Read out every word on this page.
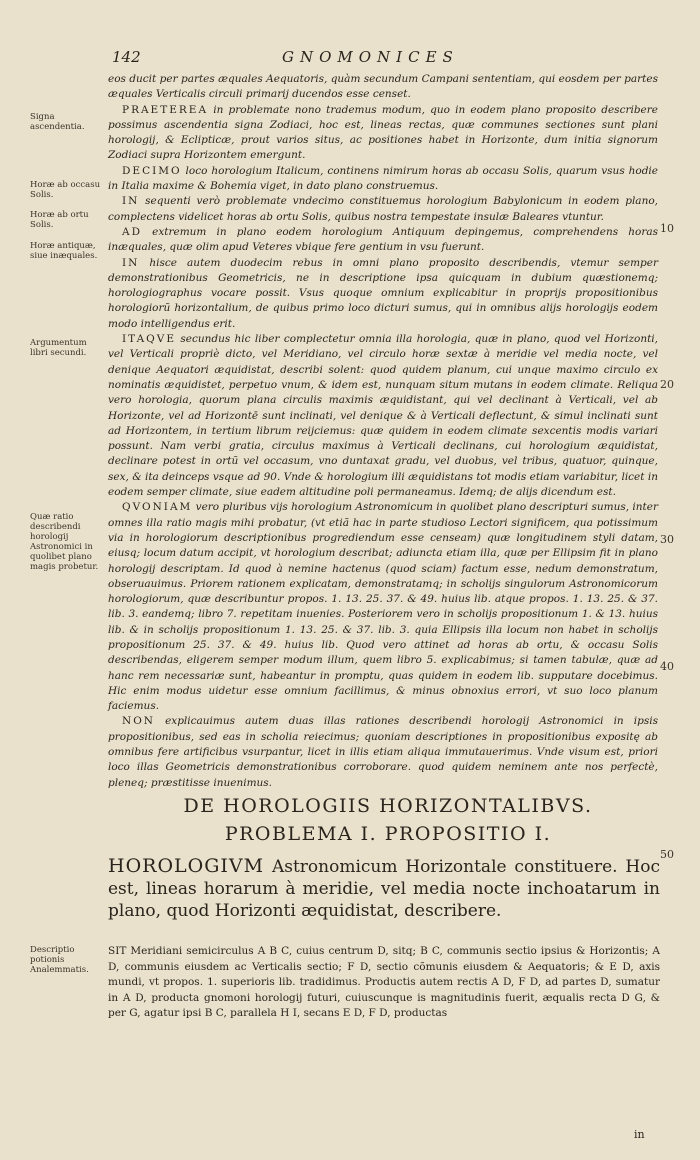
142	GNOMONICES
Signa ascendentia.
Horæ ab occasu Solis.
Horæ ab ortu Solis.
Horæ antiquæ, siue inæquales.
Argumentum libri secundi.
Quæ ratio describendi horologij Astronomici in quolibet plano magis probetur.
Descriptio potionis Analemmatis.
10
20
30
40
50

eos ducit per partes æquales Aequatoris, quàm secundum Campani sententiam, qui eosdem per partes æquales Verticalis circuli primarij ducendos esse censet.

PRAETEREA in problemate nono trademus modum, quo in eodem plano proposito describere possimus ascendentia signa Zodiaci, hoc est, lineas rectas, quæ communes sectiones sunt plani horologij, & Eclipticæ, prout varios situs, ac positiones habet in Horizonte, dum initia signorum Zodiaci supra Horizontem emergunt.

DECIMO loco horologium Italicum, continens nimirum horas ab occasu Solis, quarum vsus hodie in Italia maxime & Bohemia viget, in dato plano construemus.

IN sequenti verò problemate vndecimo constituemus horologium Babylonicum in eodem plano, complectens videlicet horas ab ortu Solis, quibus nostra tempestate insulæ Baleares vtuntur.

AD extremum in plano eodem horologium Antiquum depingemus, comprehendens horas inæquales, quæ olim apud Veteres vbique fere gentium in vsu fuerunt.

IN hisce autem duodecim rebus in omni plano proposito describendis, vtemur semper demonstrationibus Geometricis, ne in descriptione ipsa quicquam in dubium quæstionemq; horologiographus vocare possit. Vsus quoque omnium explicabitur in proprijs propositionibus horologiorũ horizontalium, de quibus primo loco dicturi sumus, qui in omnibus alijs horologijs eodem modo intelligendus erit.

ITAQVE secundus hic liber complectetur omnia illa horologia, quæ in plano, quod vel Horizonti, vel Verticali propriè dicto, vel Meridiano, vel circulo horæ sextæ à meridie vel media nocte, vel denique Aequatori æquidistat, describi solent: quod quidem planum, cui unque maximo circulo ex nominatis æquidistet, perpetuo vnum, & idem est, nunquam situm mutans in eodem climate. Reliqua vero horologia, quorum plana circulis maximis æquidistant, qui vel declinant à Verticali, vel ab Horizonte, vel ad Horizontē sunt inclinati, vel denique & à Verticali deflectunt, & simul inclinati sunt ad Horizontem, in tertium librum reijciemus: quæ quidem in eodem climate sexcentis modis variari possunt. Nam verbi gratia, circulus maximus à Verticali declinans, cui horologium æquidistat, declinare potest in ortũ vel occasum, vno duntaxat gradu, vel duobus, vel tribus, quatuor, quinque, sex, & ita deinceps vsque ad 90. Vnde & horologium illi æquidistans tot modis etiam variabitur, licet in eodem semper climate, siue eadem altitudine poli permaneamus. Idemq; de alijs dicendum est.

QVONIAM vero pluribus vijs horologium Astronomicum in quolibet plano descripturi sumus, inter omnes illa ratio magis mihi probatur, (vt etiã hac in parte studioso Lectori significem, qua potissimum via in horologiorum descriptionibus progrediendum esse censeam) quæ longitudinem styli datam, eiusq; locum datum accipit, vt horologium describat; adiuncta etiam illa, quæ per Ellipsim fit in plano horologij descriptam. Id quod à nemine hactenus (quod sciam) factum esse, nedum demonstratum, obseruauimus. Priorem rationem explicatam, demonstratamq; in scholijs singulorum Astronomicorum horologiorum, quæ describuntur propos. 1. 13. 25. 37. & 49. huius lib. atque propos. 1. 13. 25. & 37. lib. 3. eandemq; libro 7. repetitam inuenies. Posteriorem vero in scholijs propositionum 1. & 13. huius lib. & in scholijs propositionum 1. 13. 25. & 37. lib. 3. quia Ellipsis illa locum non habet in scholijs propositionum 25. 37. & 49. huius lib. Quod vero attinet ad horas ab ortu, & occasu Solis describendas, eligerem semper modum illum, quem libro 5. explicabimus; si tamen tabulæ, quæ ad hanc rem necessariæ sunt, habeantur in promptu, quas quidem in eodem lib. supputare docebimus. Hic enim modus uidetur esse omnium facillimus, & minus obnoxius errori, vt suo loco planum faciemus.

NON explicauimus autem duas illas rationes describendi horologij Astronomici in ipsis propositionibus, sed eas in scholia reiecimus; quoniam descriptiones in propositionibus expositę ab omnibus fere artificibus vsurpantur, licet in illis etiam aliqua immutauerimus. Vnde visum est, priori loco illas Geometricis demonstrationibus corroborare. quod quidem neminem ante nos perfectè, pleneq; præstitisse inuenimus.

DE HOROLOGIIS HORIZONTALIBVS.
PROBLEMA I. PROPOSITIO I.
HOROLOGIVM Astronomicum Horizontale constituere. Hoc est, lineas horarum à meridie, vel media nocte inchoatarum in plano, quod Horizonti æquidistat, describere.
SIT Meridiani semicirculus A B C, cuius centrum D, sitq; B C, communis sectio ipsius & Horizontis; A D, communis eiusdem ac Verticalis sectio; F D, sectio cõmunis eiusdem & Aequatoris; & E D, axis mundi, vt propos. 1. superioris lib. tradidimus. Productis autem rectis A D, F D, ad partes D, sumatur in A D, producta gnomoni horologij futuri, cuiuscunque is magnitudinis fuerit, æqualis recta D G, & per G, agatur ipsi B C, parallela H I, secans E D, F D, productas
in
